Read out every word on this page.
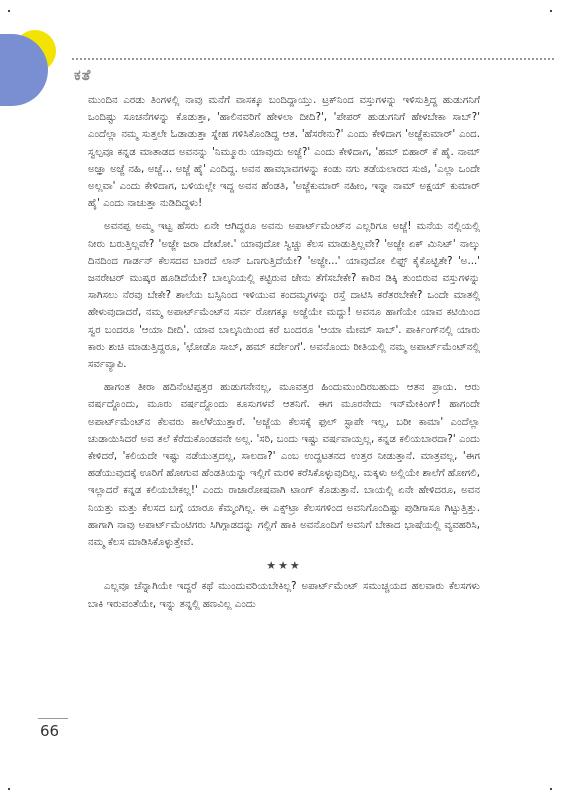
ಕತೆ

ಮುಂದಿನ ಎರಡು ತಿಂಗಳಲ್ಲಿ ನಾವು ಮನೆಗೆ ವಾಸಕ್ಕೂ ಬಂದಿದ್ದಾಯ್ತು. ಟ್ರಕ್‌ನಿಂದ ವಸ್ತುಗಳನ್ನು ಇಳಿಸುತ್ತಿದ್ದ ಹುಡುಗನಿಗೆ ಒಂದಿಷ್ಟು ಸೂಚನೆಗಳನ್ನು ಕೊಡುತ್ತಾ, 'ಹಾಲಿನವರಿಗೆ ಹೇಳಲಾ ದೀದಿ?', 'ಪೇಪರ್ ಹುಡುಗನಿಗೆ ಹೇಳಬೇಕಾ ಸಾಬ್?' ಎಂದೆಲ್ಲಾ ನಮ್ಮ ಸುತ್ತಲೇ ಓಡಾಡುತ್ತಾ ಸ್ನೇಹ ಗಳಿಸಿಕೊಂಡಿದ್ದ ಆತ. 'ಹೆಸರೇನು?' ಎಂದು ಕೇಳಿದಾಗ 'ಅಜ್ಜೆಕುಮಾರ್' ಎಂದ. ಸ್ವಲ್ಪವೂ ಕನ್ನಡ ಮಾತಾಡದ ಅವನನ್ನು 'ನಿಮ್ಮೂರು ಯಾವುದು ಅಜ್ಜೆ?' ಎಂದು ಕೇಳಿದಾಗ, 'ಹಮ್ ಬಿಹಾರ್ ಕೆ ಹೈ. ನಾಮ್ ಅಜ್ಞಾ ಅಜ್ಜೆ ನಹಿ, ಅಜ್ಜೆ... ಅಜ್ಜೆ ಹೈ' ಎಂದಿದ್ದ. ಅವನ ಹಾವಭಾವಗಳನ್ನು ಕಂಡು ನಗು ತಡೆಯಲಾರದ ಸುಜಿ, 'ಎಲ್ಲಾ ಒಂದೇ ಅಲ್ಲವಾ' ಎಂದು ಕೇಳಿದಾಗ, ಬಳಿಯಲ್ಲೇ ಇದ್ದ ಅವನ ಹೆಂಡತಿ, 'ಅಜ್ಜೆಕುಮಾರ್ ನಹೀಂ, ಇನ್ನಾ ನಾಮ್ ಅಕ್ಷಯ್ ಕುಮಾರ್ ಹೈ' ಎಂದು ನಾಚುತ್ತಾ ನುಡಿದಿದ್ದಳು!

ಅವನಪ್ಪ ಅಮ್ಮ ಇಟ್ಟ ಹೆಸರು ಏನೇ ಆಗಿದ್ದರೂ ಅವನು ಅಪಾರ್ಟ್‌ಮೆಂಟ್‌ನ ಎಲ್ಲರಿಗೂ ಅಜ್ಜೆ! ಮನೆಯ ನಲ್ಲಿಯಲ್ಲಿ ನೀರು ಬರುತ್ತಿಲ್ಲವೇ? 'ಅಜ್ಜೇ ಜರಾ ದೇಖೋ.' ಯಾವುದೋ ಸ್ವಿಚ್ಚು ಕೆಲಸ ಮಾಡುತ್ತಿಲ್ಲವೇ? 'ಅಜ್ಜೇ ಏಕ್ ಮಿನಿಟ್' ನಾಲ್ಕು ದಿನದಿಂದ ಗಾರ್ಡನ್ ಕೆಲಸದವ ಬಾರದೆ ಲಾನ್ ಒಣಗುತ್ತಿದೆಯೇ? 'ಅಜ್ಜೇ...' ಯಾವುದೋ ಲಿಫ್ಟ್ ಕೈಕೊಟ್ಟಿತೇ? 'ಅ...' ಜನರೇಟರ್ ಮುಷ್ಕರ ಹೂಡಿದೆಯೇ? ಬಾಲ್ಕನಿಯಲ್ಲಿ ಕಟ್ಟಿರುವ ಜೇನು ತೆಗೆಸಬೇಕೇ? ಕಾರಿನ ಡಿಕ್ಕಿ ತುಂಬಿರುವ ವಸ್ತುಗಳನ್ನು ಸಾಗಿಸಲು ನೆರವು ಬೇಕೇ? ಶಾಲೆಯ ಬಸ್ಸಿನಿಂದ ಇಳಿಯುವ ಕಂದಮ್ಮಗಳನ್ನು ರಸ್ತೆ ದಾಟಿಸಿ ಕರೆತರಬೇಕೇ? ಒಂದೇ ಮಾತಲ್ಲಿ ಹೇಳುವುದಾದರೆ, ನಮ್ಮ ಅಪಾರ್ಟ್‌ಮೆಂಟ್‌ನ ಸರ್ವ ರೋಗಕ್ಕೂ ಅಜ್ಜೆಯೇ ಮದ್ದು! ಅವನೂ ಹಾಗೆಯೇ ಯಾವ ಕಟಿಯಿಂದ ಸ್ವರ ಬಂದರೂ 'ಆಯಾ ದೀದಿ'. ಯಾವ ಬಾಲ್ಕನಿಯಿಂದ ಕರೆ ಬಂದರೂ 'ಆಯಾ ಮೇಮ್ ಸಾಬ್'. ಪಾರ್ಕಿಂಗ್‌ನಲ್ಲಿ ಯಾರು ಕಾರು ಶುಚಿ ಮಾಡುತ್ತಿದ್ದರೂ, 'ಛೋಡೊ ಸಾಬ್, ಹಮ್ ಕರ್ದೇಂಗೆ'. ಅವನೊಂದು ರೀತಿಯಲ್ಲಿ ನಮ್ಮ ಅಪಾರ್ಟ್‌ಮೆಂಟ್‌ನಲ್ಲಿ ಸರ್ವವ್ಯಾಪಿ.

ಹಾಗಂತ ತೀರಾ ಹದಿನೆಂಟಿಪ್ಪತ್ತರ ಹುಡುಗನೇನಲ್ಲ, ಮೂವತ್ತರ ಹಿಂದುಮುಂದಿರಬಹುದು ಆತನ ಪ್ರಾಯ. ಆರು ವರ್ಷದ್ದೊಂದು, ಮೂರು ವರ್ಷದ್ದೊಂದು ಕೂಸುಗಳವೆ ಆತನಿಗೆ. ಈಗ ಮೂರನೇದು ಇನ್‌ಮೇಕಿಂಗ್! ಹಾಗಂದೇ ಅಪಾರ್ಟ್‌ಮೆಂಟ್‌ನ ಕೆಲವರು ಕಾಲೆಳೆಯುತ್ತಾರೆ. 'ಅಜ್ಜೆಯ ಕೆಲಸಕ್ಕೆ ಫುಲ್ ಸ್ಟಾಪೇ ಇಲ್ಲ, ಬರೀ ಕಾಮಾ' ಎಂದೆಲ್ಲಾ ಚುಡಾಯಿಸಿದರೆ ಅವ ತಲೆ ಕೆರೆದುಕೊಂಡವನೇ ಅಲ್ಲ. 'ಸರಿ, ಬಂದು ಇಷ್ಟು ವರ್ಷವಾಯ್ತಲ್ಲ, ಕನ್ನಡ ಕಲಿಯಬಾರದಾ?' ಎಂದು ಕೇಳಿದರೆ, 'ಕಲಿಯದೇ ಇಷ್ಟು ನಡೆಯುತ್ತದಲ್ಲ, ಸಾಲದಾ?' ಎಂಬ ಉದ್ದಟತನದ ಉತ್ತರ ನೀಡುತ್ತಾನೆ. ಮಾತ್ರವಲ್ಲ, 'ಈಗ ಹಡೆಯುವುದಕ್ಕೆ ಊರಿಗೆ ಹೋಗುವ ಹೆಂಡತಿಯನ್ನು ಇಲ್ಲಿಗೆ ಮರಳಿ ಕರೆಸಿಕೊಳ್ಳುವುದಿಲ್ಲ. ಮಕ್ಕಳು ಅಲ್ಲಿಯೇ ಶಾಲೆಗೆ ಹೋಗಲಿ, ಇಲ್ಲಾದರೆ ಕನ್ನಡ ಕಲಿಯಬೇಕಲ್ಲ!' ಎಂದು ರಾಜಾರೋಷವಾಗಿ ಟಾಂಗ್ ಕೊಡುತ್ತಾನೆ. ಬಾಯಲ್ಲಿ ಏನೇ ಹೇಳಿದರೂ, ಅವನ ನಿಯತ್ತು ಮತ್ತು ಕೆಲಸದ ಬಗ್ಗೆ ಯಾರೂ ಕೆಮ್ಮಂಗಿಲ್ಲ. ಈ ಎಕ್ಸ್‌ಟ್ರಾ ಕೆಲಸಗಳಿಂದ ಅವನಿಗೊಂದಿಷ್ಟು ಪುಡಿಗಾಸೂ ಗಿಟ್ಟುತ್ತಿತ್ತು. ಹಾಗಾಗಿ ನಾವು ಅಪಾರ್ಟ್‌ಮೆಂಟಿಗರು ಸಿಗಿಗ್ಗಾಡದನ್ನು ಗಲ್ಲಿಗೆ ಹಾಕಿ ಅವನೊಂದಿಗೆ ಅವನಿಗೆ ಬೇಕಾದ ಭಾಷೆಯಲ್ಲಿ ವ್ಯವಹರಿಸಿ, ನಮ್ಮ ಕೆಲಸ ಮಾಡಿಸಿಕೊಳ್ಳುತ್ತೇವೆ.

★★★

ಎಲ್ಲವೂ ಚೆನ್ನಾಗಿಯೇ ಇದ್ದರೆ ಕಥೆ ಮುಂದುವರಿಯಬೇಕಿಲ್ಲ? ಅಪಾರ್ಟ್‌ಮೆಂಟ್ ಸಮುಚ್ಚಯದ ಹಲವಾರು ಕೆಲಸಗಳು ಬಾಕಿ ಇರುವಂತೆಯೇ, ಇನ್ನು ತನ್ನಲ್ಲಿ ಹಣವಿಲ್ಲ ಎಂದು

66
